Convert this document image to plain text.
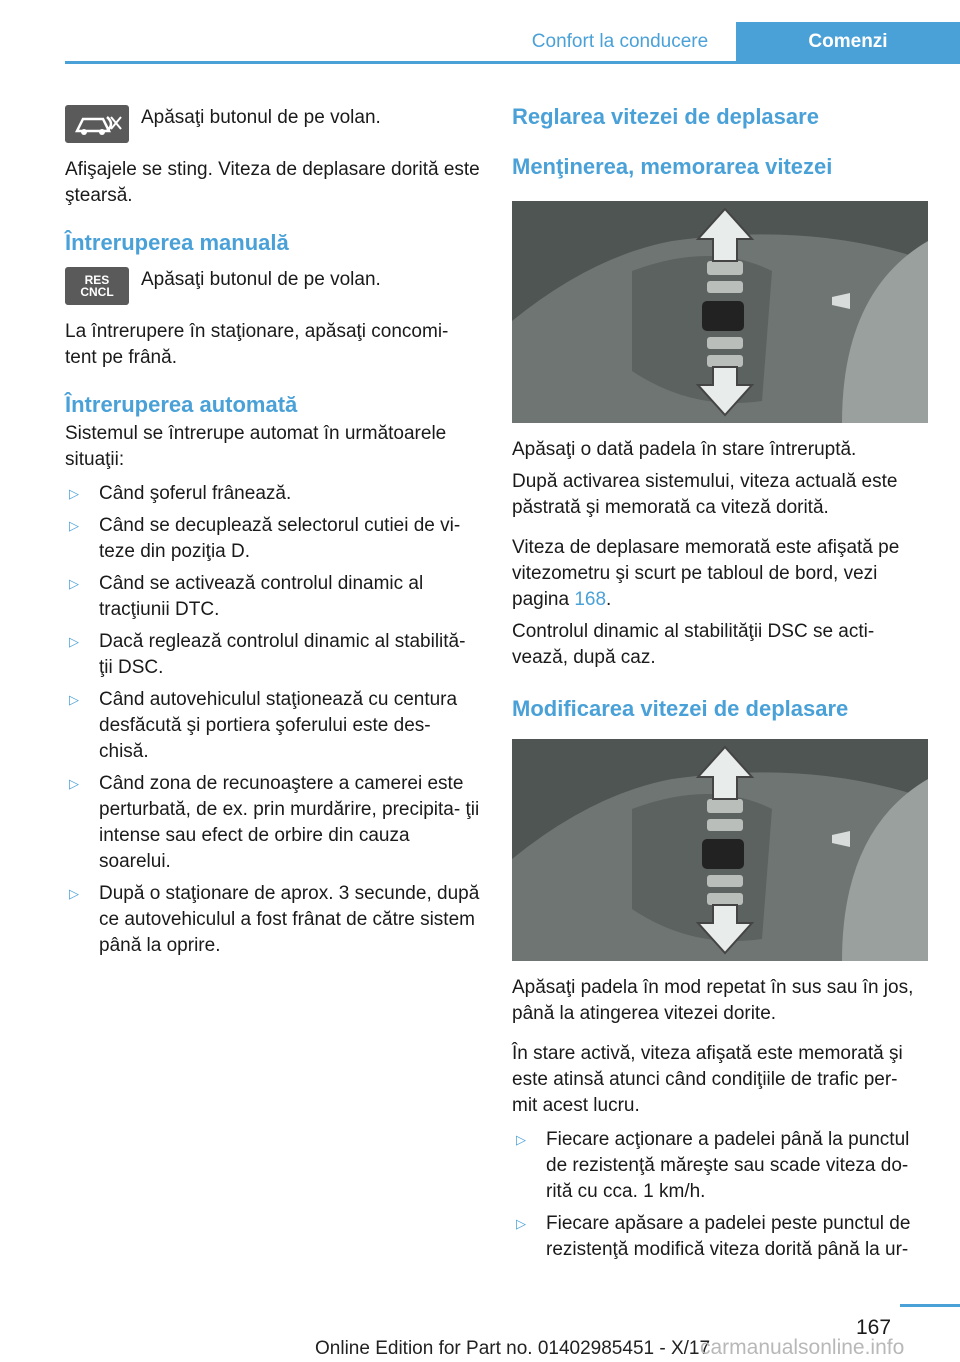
Confort la conducere	Comenzi

Apăsaţi butonul de pe volan.

Afişajele se sting. Viteza de deplasare dorită este ştearsă.

Întreruperea manuală
RES
CNCL

Apăsaţi butonul de pe volan.

La întrerupere în staţionare, apăsaţi concomi‐ tent pe frână.

Întreruperea automată

Sistemul se întrerupe automat în următoarele situaţii:

▷	Când şoferul frânează.
▷	Când se decuplează selectorul cutiei de vi‐ teze din poziţia D.
▷	Când se activează controlul dinamic al tracţiunii DTC.
▷	Dacă reglează controlul dinamic al stabilită‐ ţii DSC.
▷	Când autovehiculul staţionează cu centura desfăcută şi portiera şoferului este des‐ chisă.
▷	Când zona de recunoaştere a camerei este perturbată, de ex. prin murdărire, precipita‐ ţii intense sau efect de orbire din cauza soarelui.
▷	După o staţionare de aprox. 3 secunde, după ce autovehiculul a fost frânat de către sistem până la oprire.
Reglarea vitezei de deplasare
Menţinerea, memorarea vitezei

Apăsaţi o dată padela în stare întreruptă.

După activarea sistemului, viteza actuală este păstrată şi memorată ca viteză dorită.

Viteza de deplasare memorată este afişată pe vitezometru şi scurt pe tabloul de bord, vezi pagina 168.

Controlul dinamic al stabilităţii DSC se acti‐ vează, după caz.

Modificarea vitezei de deplasare

Apăsaţi padela în mod repetat în sus sau în jos, până la atingerea vitezei dorite.

În stare activă, viteza afişată este memorată şi este atinsă atunci când condiţiile de trafic per‐ mit acest lucru.

▷	Fiecare acţionare a padelei până la punctul de rezistenţă măreşte sau scade viteza do‐ rită cu cca. 1 km/h.
▷	Fiecare apăsare a padelei peste punctul de rezistenţă modifică viteza dorită până la ur‐
167
Online Edition for Part no. 01402985451 - X/17
carmanualsonline.info
